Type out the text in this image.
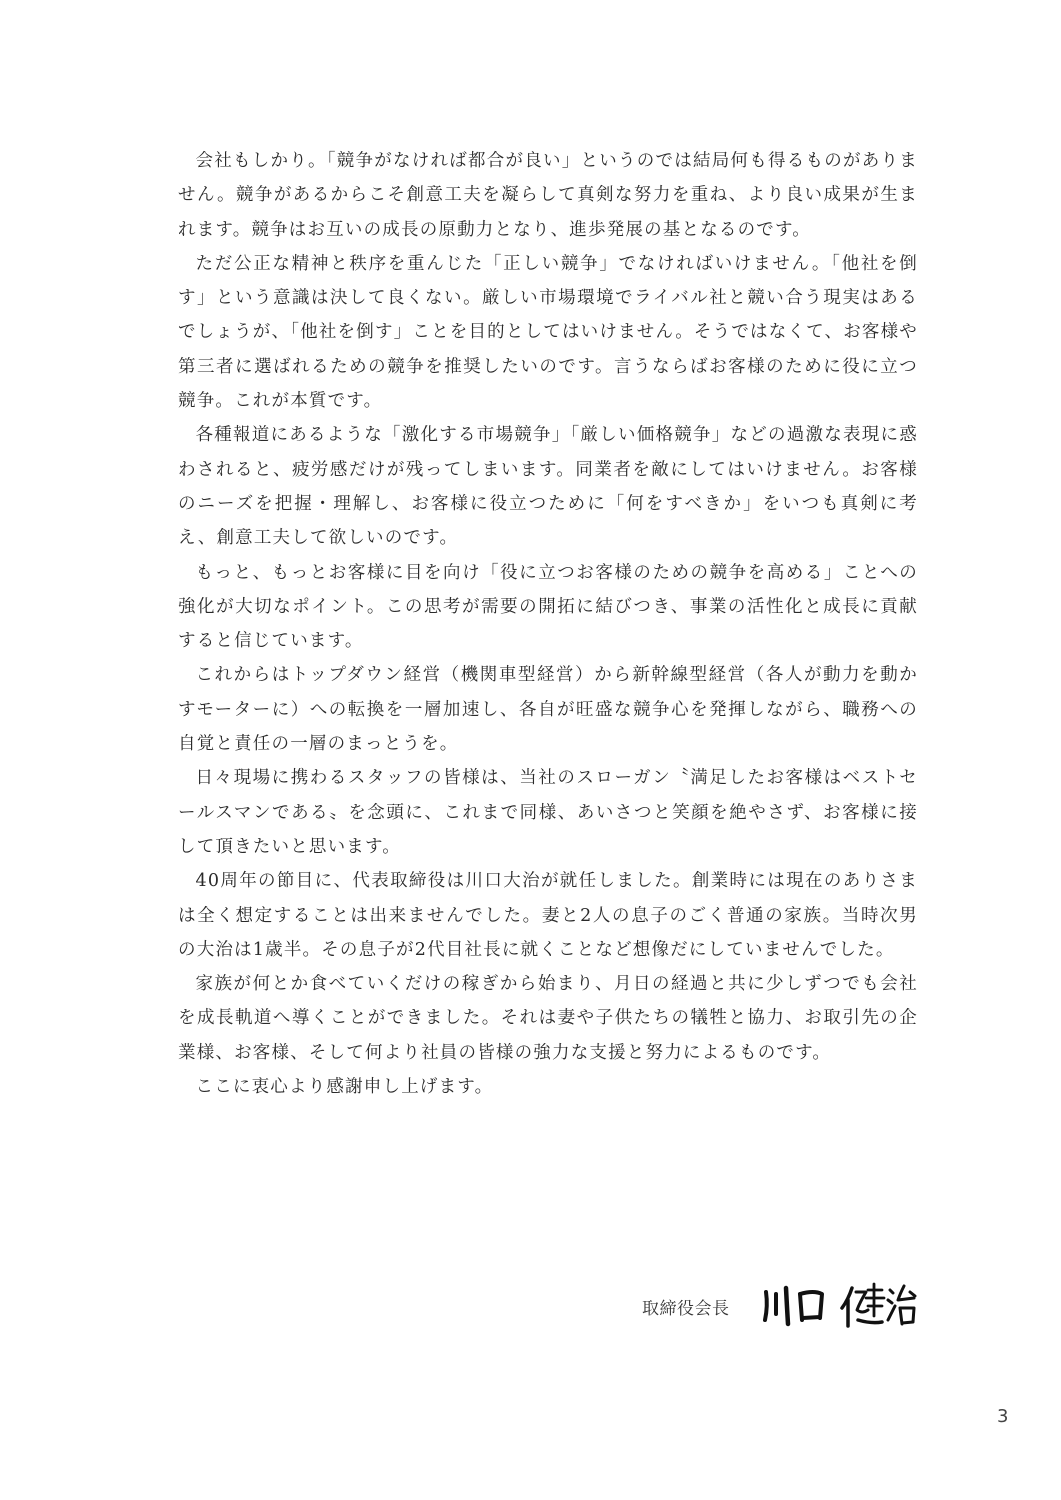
会社もしかり。「競争がなければ都合が良い」というのでは結局何も得るものがありません。競争があるからこそ創意工夫を凝らして真剣な努力を重ね、より良い成果が生まれます。競争はお互いの成長の原動力となり、進歩発展の基となるのです。

ただ公正な精神と秩序を重んじた「正しい競争」でなければいけません。「他社を倒す」という意識は決して良くない。厳しい市場環境でライバル社と競い合う現実はあるでしょうが、「他社を倒す」ことを目的としてはいけません。そうではなくて、お客様や第三者に選ばれるための競争を推奨したいのです。言うならばお客様のために役に立つ競争。これが本質です。

各種報道にあるような「激化する市場競争」「厳しい価格競争」などの過激な表現に惑わされると、疲労感だけが残ってしまいます。同業者を敵にしてはいけません。お客様のニーズを把握・理解し、お客様に役立つために「何をすべきか」をいつも真剣に考え、創意工夫して欲しいのです。

もっと、もっとお客様に目を向け「役に立つお客様のための競争を高める」ことへの強化が大切なポイント。この思考が需要の開拓に結びつき、事業の活性化と成長に貢献すると信じています。

これからはトップダウン経営（機関車型経営）から新幹線型経営（各人が動力を動かすモーターに）への転換を一層加速し、各自が旺盛な競争心を発揮しながら、職務への自覚と責任の一層のまっとうを。

日々現場に携わるスタッフの皆様は、当社のスローガン〝満足したお客様はベストセールスマンである〟を念頭に、これまで同様、あいさつと笑顔を絶やさず、お客様に接して頂きたいと思います。

40周年の節目に、代表取締役は川口大治が就任しました。創業時には現在のありさまは全く想定することは出来ませんでした。妻と2人の息子のごく普通の家族。当時次男の大治は1歳半。その息子が2代目社長に就くことなど想像だにしていませんでした。

家族が何とか食べていくだけの稼ぎから始まり、月日の経過と共に少しずつでも会社を成長軌道へ導くことができました。それは妻や子供たちの犠牲と協力、お取引先の企業様、お客様、そして何より社員の皆様の強力な支援と努力によるものです。

ここに衷心より感謝申し上げます。

取締役会長
3
